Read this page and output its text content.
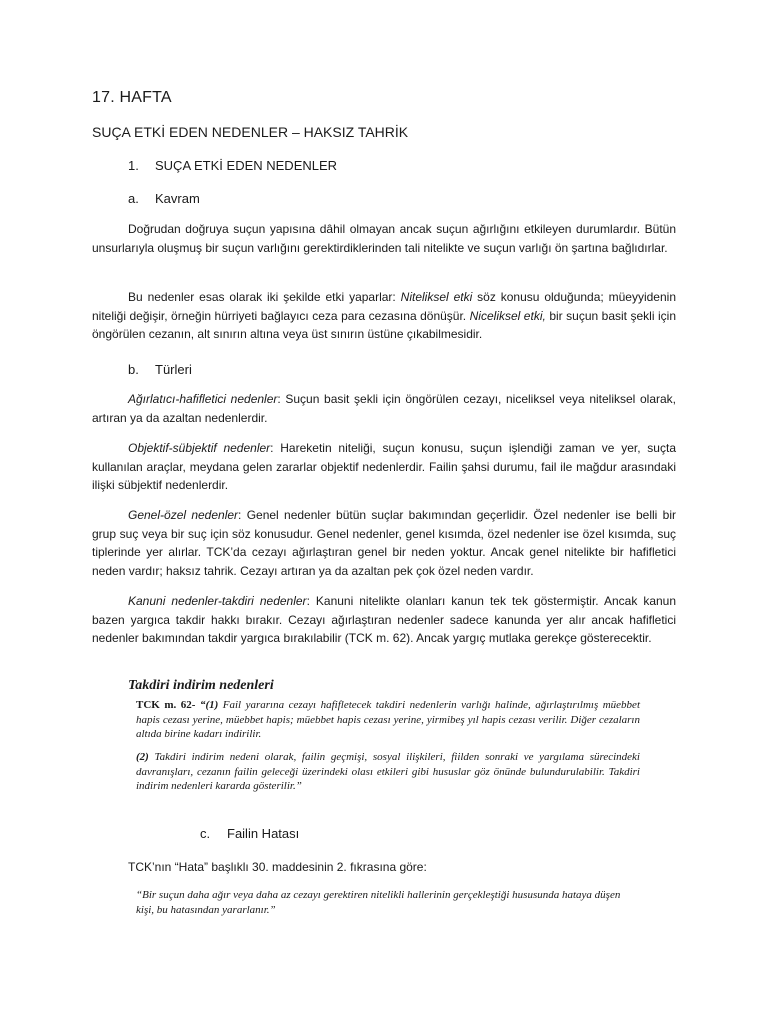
17. HAFTA
SUÇA ETKİ EDEN NEDENLER – HAKSIZ TAHRİK
1. SUÇA ETKİ EDEN NEDENLER
a. Kavram
Doğrudan doğruya suçun yapısına dâhil olmayan ancak suçun ağırlığını etkileyen durumlardır. Bütün unsurlarıyla oluşmuş bir suçun varlığını gerektirdiklerinden tali nitelikte ve suçun varlığı ön şartına bağlıdırlar.
Bu nedenler esas olarak iki şekilde etki yaparlar: Niteliksel etki söz konusu olduğunda; müeyyidenin niteliği değişir, örneğin hürriyeti bağlayıcı ceza para cezasına dönüşür. Niceliksel etki, bir suçun basit şekli için öngörülen cezanın, alt sınırın altına veya üst sınırın üstüne çıkabilmesidir.
b. Türleri
Ağırlatıcı-hafifletici nedenler: Suçun basit şekli için öngörülen cezayı, niceliksel veya niteliksel olarak, artıran ya da azaltan nedenlerdir.
Objektif-sübjektif nedenler: Hareketin niteliği, suçun konusu, suçun işlendiği zaman ve yer, suçta kullanılan araçlar, meydana gelen zararlar objektif nedenlerdir. Failin şahsi durumu, fail ile mağdur arasındaki ilişki sübjektif nedenlerdir.
Genel-özel nedenler: Genel nedenler bütün suçlar bakımından geçerlidir. Özel nedenler ise belli bir grup suç veya bir suç için söz konusudur. Genel nedenler, genel kısımda, özel nedenler ise özel kısımda, suç tiplerinde yer alırlar. TCK’da cezayı ağırlaştıran genel bir neden yoktur. Ancak genel nitelikte bir hafifletici neden vardır; haksız tahrik. Cezayı artıran ya da azaltan pek çok özel neden vardır.
Kanuni nedenler-takdiri nedenler: Kanuni nitelikte olanları kanun tek tek göstermiştir. Ancak kanun bazen yargıca takdir hakkı bırakır. Cezayı ağırlaştıran nedenler sadece kanunda yer alır ancak hafifletici nedenler bakımından takdir yargıca bırakılabilir (TCK m. 62). Ancak yargıç mutlaka gerekçe gösterecektir.
Takdiri indirim nedenleri
TCK m. 62- “(1) Fail yararına cezayı hafifletecek takdiri nedenlerin varlığı halinde, ağırlaştırılmış müebbet hapis cezası yerine, müebbet hapis; müebbet hapis cezası yerine, yirmibeş yıl hapis cezası verilir. Diğer cezaların altıda birine kadarı indirilir.
(2) Takdiri indirim nedeni olarak, failin geçmişi, sosyal ilişkileri, fiilden sonraki ve yargılama sürecindeki davranışları, cezanın failin geleceği üzerindeki olası etkileri gibi hususlar göz önünde bulundurulabilir. Takdiri indirim nedenleri kararda gösterilir.”
c. Failin Hatası
TCK’nın “Hata” başlıklı 30. maddesinin 2. fıkrasına göre:
“Bir suçun daha ağır veya daha az cezayı gerektiren nitelikli hallerinin gerçekleştiği hususunda hataya düşen kişi, bu hatasından yararlanır.”
